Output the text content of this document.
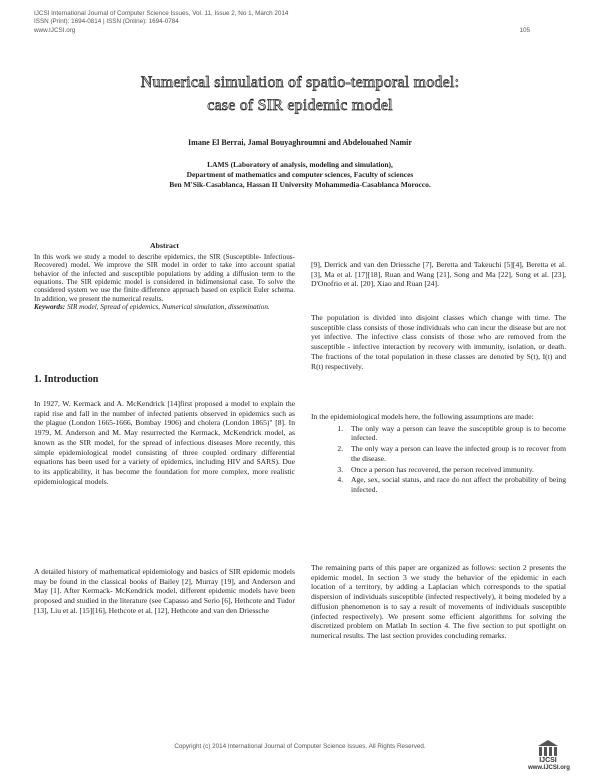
IJCSI International Journal of Computer Science Issues, Vol. 11, Issue 2, No 1, March 2014
ISSN (Print): 1694-0814 | ISSN (Online): 1694-0784
www.IJCSI.org	105
Numerical simulation of spatio-temporal model:
case of SIR epidemic model
Imane El Berrai, Jamal Bouyaghroumni and Abdelouahed Namir
LAMS (Laboratory of analysis, modeling and simulation),
Department of mathematics and computer sciences, Faculty of sciences
Ben M'Sik-Casablanca, Hassan II University Mohammedia-Casablanca Morocco.
Abstract

In this work we study a model to describe epidemics, the SIR (Susceptible- Infectious- Recovered) model. We improve the SIR model in order to take into account spatial behavior of the infected and susceptible populations by adding a diffusion term to the equations. The SIR epidemic model is considered in bidimensional case. To solve the considered system we use the finite difference approach based on explicit Euler schema. In addition, we present the numerical results.

Keywords: SIR model, Spread of epidemics, Numerical simulation, dissemination.

1. Introduction

In 1927, W. Kermack and A. McKendrick [14]first proposed a model to explain the rapid rise and fall in the number of infected patients observed in epidemics such as the plague (London 1665-1666, Bombay 1906) and cholera (London 1865)" [8]. In 1979, M. Anderson and M. May resurrected the Kermack, McKendrick model, as known as the SIR model, for the spread of infectious diseases More recently, this simple epidemiological model consisting of three coupled ordinary differential equations has been used for a variety of epidemics, including HIV and SARS). Due to its applicability, it has become the foundation for more complex, more realistic epidemiological models.

A detailed history of mathematical epidemiology and basics of SIR epidemic models may be found in the classical books of Bailey [2], Murray [19], and Anderson and May [1]. After Kermack- McKendrick model, different epidemic models have been proposed and studied in the literature (see Capasso and Serio [6], Hethcote and Tudor [13], Liu et al. [15][16], Hethcote et al. [12], Hethcote and van den Driessche

[9], Derrick and van den Driessche [7], Beretta and Takeuchi [5][4], Beretta et al. [3], Ma et al. [17][18], Ruan and Wang [21], Song and Ma [22], Song et al. [23], D'Onofrio et al. [20], Xiao and Ruan [24].

The population is divided into disjoint classes which change with time. The susceptible class consists of those individuals who can incur the disease but are not yet infective. The infective class consists of those who are removed from the susceptible - infective interaction by recovery with immunity, isolation, or death. The fractions of the total population in these classes are denoted by S(t), I(t) and R(t) respectively.

In the epidemiological models here, the following assumptions are made:

1. The only way a person can leave the susceptible group is to become infected.
2. The only way a person can leave the infected group is to recover from the disease.
3. Once a person has recovered, the person received immunity.
4. Age, sex, social status, and race do not affect the probability of being infected.

The remaining parts of this paper are organized as follows: section 2 presents the epidemic model. In section 3 we study the behavior of the epidemic in each location of a territory, by adding a Laplacian which corresponds to the spatial dispersion of individuals susceptible (infected respectively), it being modeled by a diffusion phenomenon is to say a result of movements of individuals susceptible (infected respectively). We present some efficient algorithms for solving the discretized problem on Matlab In section 4. The five section to put spotlight on numerical results. The last section provides concluding remarks.

Copyright (c) 2014 International Journal of Computer Science Issues. All Rights Reserved.
IJCSI
www.IJCSI.org
